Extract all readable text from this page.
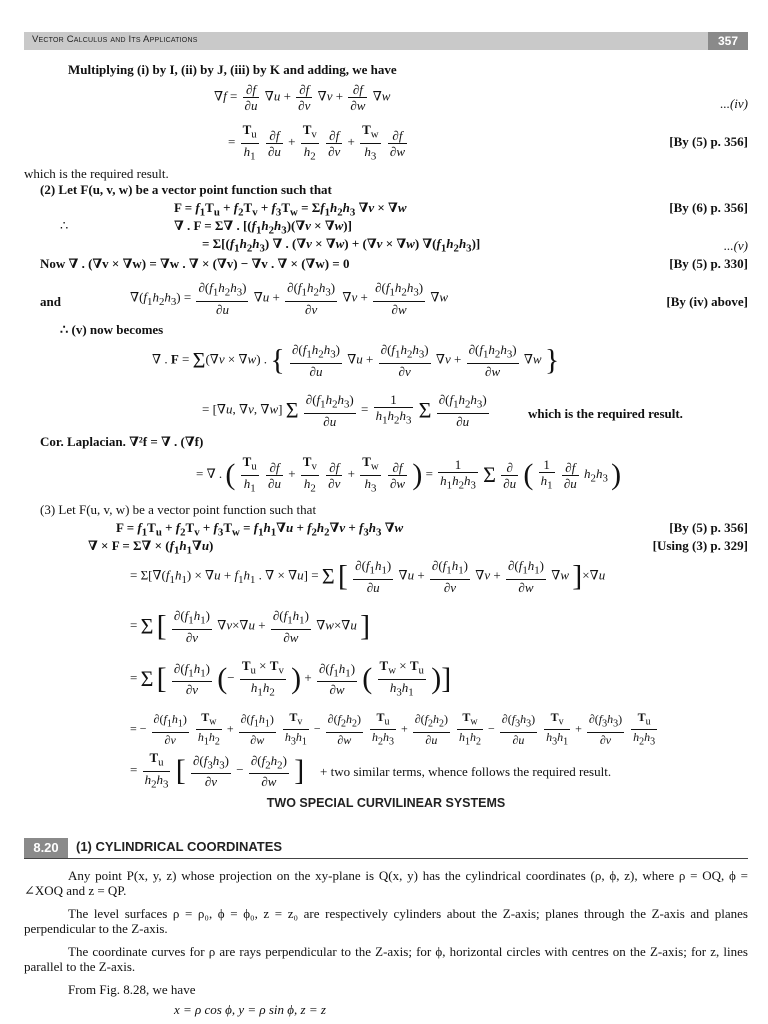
Vector Calculus and Its Applications	357
Multiplying (i) by I, (ii) by J, (iii) by K and adding, we have
$\nabla f = \frac{\partial f}{\partial u} \nabla u + \frac{\partial f}{\partial v} \nabla v + \frac{\partial f}{\partial w} \nabla w$
...(iv)
= $\frac{T_u}{h_1}$
$\frac{\partial f}{\partial u} + \frac{T_v}{h_2}$
$\frac{\partial f}{\partial v} + \frac{T_w}{h_3}$
$\frac{\partial f}{\partial w}$	[By (5) p. 356]
which is the required result.
(2) Let F(u, v, w) be a vector point function such that
$F = f_1T_u + f_2T_v + f_3T_w = \Sigma f_1h_2h_3$ ∇v × ∇w	[By (6) p. 356]
∴	∇ . F = Σ∇ . $[(f_1h_2h_3)(\nabla v \times \nabla w)]$
= $\Sigma[(f_1h_2h_3)$ ∇ . (∇v × ∇w) + (∇v × ∇w) $\nabla(f_1h_2h_3)$]	...(v)
Now ∇ . (∇v × ∇w) = ∇w . ∇ × (∇v) − ∇v . ∇ × (∇w) = 0	[By (5) p. 330]
and	$\nabla(f_1h_2h_3) = \frac{\partial(f_1h_2h_3)}{\partial u} \nabla u + \frac{\partial(f_1h_2h_3)}{\partial v} \nabla v + \frac{\partial(f_1h_2h_3)}{\partial w} \nabla w$	[By (iv) above]
∴ (v) now becomes
∇ . F = Σ(∇v × ∇w) . { $\frac{\partial(f_1h_2h_3)}{\partial u} \nabla u + \frac{\partial(f_1h_2h_3)}{\partial v} \nabla v + \frac{\partial(f_1h_2h_3)}{\partial w} \nabla w$ }
= [∇u, ∇v, ∇w] Σ $\frac{\partial(f_1h_2h_3)}{\partial u} = \frac{1}{h_1h_2h_3}$ Σ $\frac{\partial(f_1h_2h_3)}{\partial u}$	which is the required result.
Cor. Laplacian. ∇²f = ∇ . (∇f)
= ∇ . ( $\frac{T_u}{h_1}$
$\frac{\partial f}{\partial u} + \frac{T_v}{h_2}$
$\frac{\partial f}{\partial v} + \frac{T_w}{h_3}$
$\frac{\partial f}{\partial w}$ ) = $\frac{1}{h_1h_2h_3}$ Σ $\frac{\partial}{\partial u}$ ( $\frac{1}{h_1}$
$\frac{\partial f}{\partial u} h_2h_3$ )
(3) Let F(u, v, w) be a vector point function such that
$F = f_1T_u + f_2T_v + f_3T_w = f_1h_1\nabla u + f_2h_2\nabla v + f_3h_3$ ∇w	[By (5) p. 356]
∇ × $F = \Sigma\nabla \times (f_1h_1\nabla u)$	[Using (3) p. 329]
= $\Sigma[\nabla(f_1h_1) \times \nabla u + f_1h_1$ . ∇ × ∇u] = Σ [ $\frac{\partial(f_1h_1)}{\partial u} \nabla u + \frac{\partial(f_1h_1)}{\partial v} \nabla v + \frac{\partial(f_1h_1)}{\partial w} \nabla w$ ]×∇u
= Σ [ $\frac{\partial(f_1h_1)}{\partial v} \nabla v\times\nabla u + \frac{\partial(f_1h_1)}{\partial w} \nabla w\times\nabla u$ ]
= Σ [ $\frac{\partial(f_1h_1)}{\partial v}$ (− $\frac{T_u \times T_v}{h_1h_2}$ ) + $\frac{\partial(f_1h_1)}{\partial w}$ ( $\frac{T_w \times T_u}{h_3h_1}$ )]
= − $\frac{\partial(f_1h_1)}{\partial v}$
$\frac{T_w}{h_1h_2} + \frac{\partial(f_1h_1)}{\partial w}$
$\frac{T_v}{h_3h_1} - \frac{\partial(f_2h_2)}{\partial w}$
$\frac{T_u}{h_2h_3} + \frac{\partial(f_2h_2)}{\partial u}$
$\frac{T_w}{h_1h_2} - \frac{\partial(f_3h_3)}{\partial u}$
$\frac{T_v}{h_3h_1} + \frac{\partial(f_3h_3)}{\partial v}$
$\frac{T_u}{h_2h_3}$
= $\frac{T_u}{h_2h_3}$ [ $\frac{\partial(f_3h_3)}{\partial v} - \frac{\partial(f_2h_2)}{\partial w}$ ] + two similar terms, whence follows the required result.
TWO SPECIAL CURVILINEAR SYSTEMS
8.20	(1) CYLINDRICAL COORDINATES
Any point P(x, y, z) whose projection on the xy-plane is Q(x, y) has the cylindrical coordinates (ρ, ϕ, z), where ρ = OQ, ϕ = ∠XOQ and z = QP.
The level surfaces ρ = ρ₀, ϕ = ϕ₀, z = z₀ are respectively cylinders about the Z-axis; planes through the Z-axis and planes perpendicular to the Z-axis.
The coordinate curves for ρ are rays perpendicular to the Z-axis; for ϕ, horizontal circles with centres on the Z-axis; for z, lines parallel to the Z-axis.
From Fig. 8.28, we have
x = ρ cos ϕ, y = ρ sin ϕ, z = z
